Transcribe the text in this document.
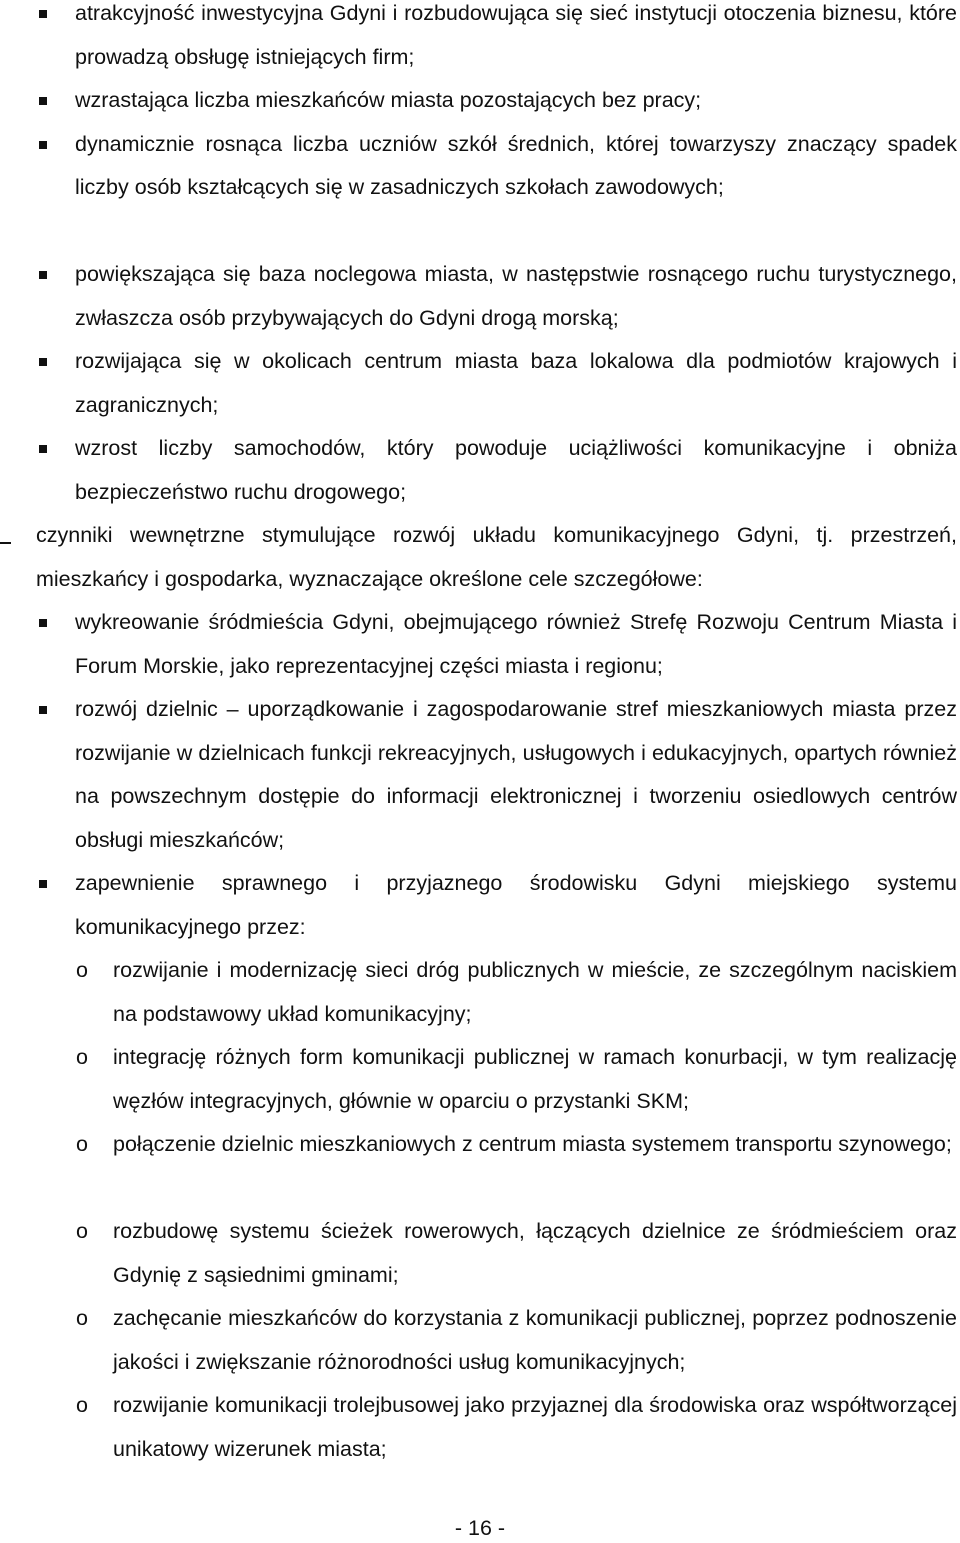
atrakcyjność inwestycyjna Gdyni i rozbudowująca się sieć instytucji otoczenia biznesu, które prowadzą obsługę istniejących firm;
wzrastająca liczba mieszkańców miasta pozostających bez pracy;
dynamicznie rosnąca liczba uczniów szkół średnich, której towarzyszy znaczący spadek liczby osób kształcących się w zasadniczych szkołach zawodowych;
powiększająca się baza noclegowa miasta, w następstwie rosnącego ruchu turystycznego, zwłaszcza osób przybywających do Gdyni drogą morską;
rozwijająca się w okolicach centrum miasta baza lokalowa dla podmiotów krajowych i zagranicznych;
wzrost liczby samochodów, który powoduje uciążliwości komunikacyjne i obniża bezpieczeństwo ruchu drogowego;
czynniki wewnętrzne stymulujące rozwój układu komunikacyjnego Gdyni, tj. przestrzeń, mieszkańcy i gospodarka, wyznaczające określone cele szczegółowe:
wykreowanie śródmieścia Gdyni, obejmującego również Strefę Rozwoju Centrum Miasta i Forum Morskie, jako reprezentacyjnej części miasta i regionu;
rozwój dzielnic – uporządkowanie i zagospodarowanie stref mieszkaniowych miasta przez rozwijanie w dzielnicach funkcji rekreacyjnych, usługowych i edukacyjnych, opartych również na powszechnym dostępie do informacji elektronicznej i tworzeniu osiedlowych centrów obsługi mieszkańców;
zapewnienie sprawnego i przyjaznego środowisku Gdyni miejskiego systemu komunikacyjnego przez:
o rozwijanie i modernizację sieci dróg publicznych w mieście, ze szczególnym naciskiem na podstawowy układ komunikacyjny;
o integrację różnych form komunikacji publicznej w ramach konurbacji, w tym realizację węzłów integracyjnych, głównie w oparciu o przystanki SKM;
o połączenie dzielnic mieszkaniowych z centrum miasta systemem transportu szynowego;
o rozbudowę systemu ścieżek rowerowych, łączących dzielnice ze śródmieściem oraz Gdynię z sąsiednimi gminami;
o zachęcanie mieszkańców do korzystania z komunikacji publicznej, poprzez podnoszenie jakości i zwiększanie różnorodności usług komunikacyjnych;
o rozwijanie komunikacji trolejbusowej jako przyjaznej dla środowiska oraz współtworzącej unikatowy wizerunek miasta;
- 16 -
